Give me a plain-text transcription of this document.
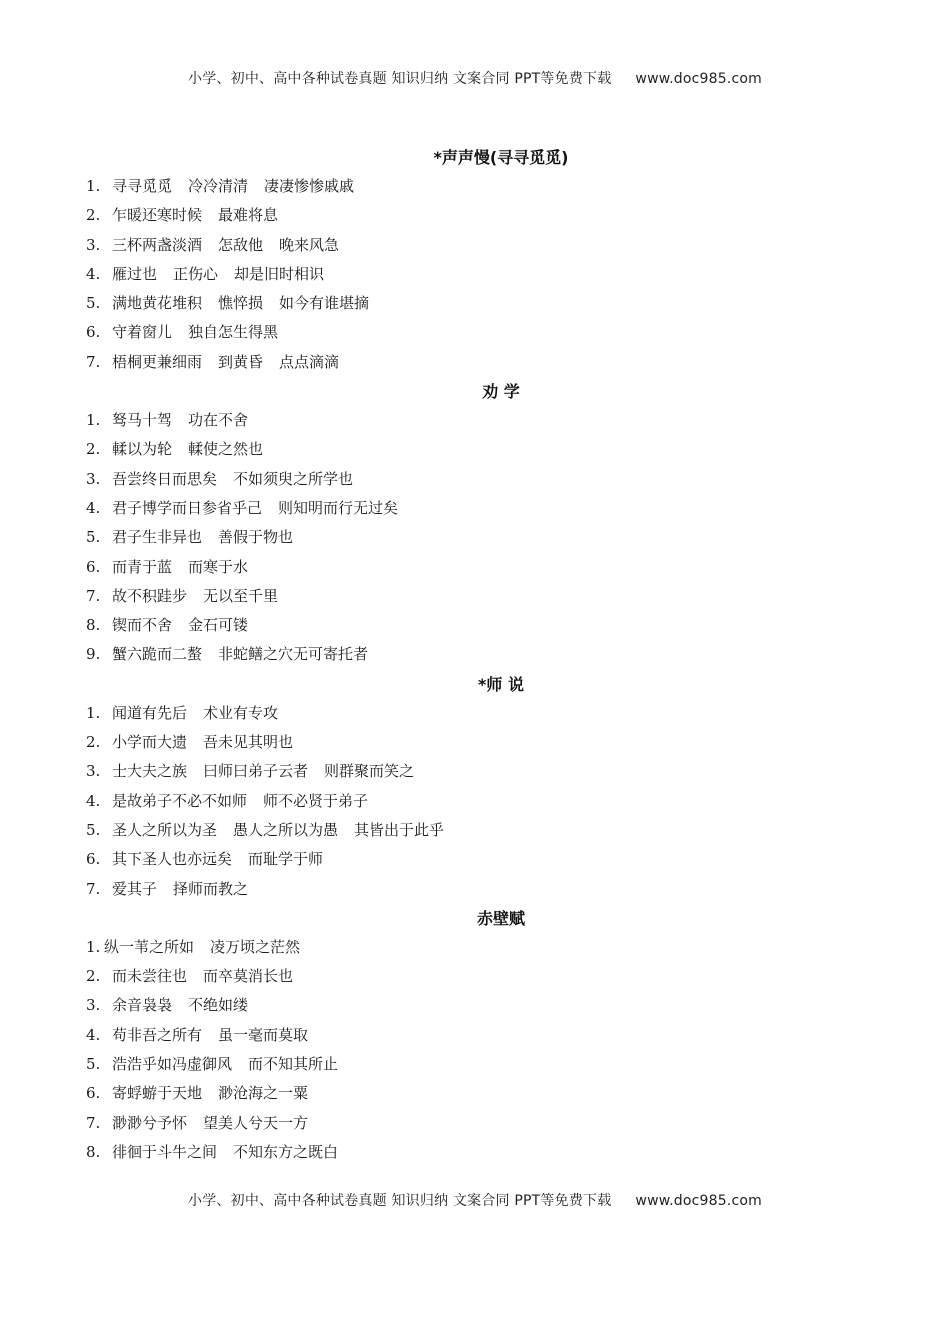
小学、初中、高中各种试卷真题 知识归纳 文案合同 PPT等免费下载 www.doc985.com
*声声慢(寻寻觅觅)
1. 寻寻觅觅 冷冷清清 凄凄惨惨戚戚
2. 乍暖还寒时候 最难将息
3. 三杯两盏淡酒 怎敌他 晚来风急
4. 雁过也 正伤心 却是旧时相识
5. 满地黄花堆积 憔悴损 如今有谁堪摘
6. 守着窗儿 独自怎生得黑
7. 梧桐更兼细雨 到黄昏 点点滴滴
劝 学
1. 驽马十驾 功在不舍
2. 輮以为轮 輮使之然也
3. 吾尝终日而思矣 不如须臾之所学也
4. 君子博学而日参省乎己 则知明而行无过矣
5. 君子生非异也 善假于物也
6. 而青于蓝 而寒于水
7. 故不积跬步 无以至千里
8. 锲而不舍 金石可镂
9. 蟹六跪而二螯 非蛇鳝之穴无可寄托者
*师 说
1. 闻道有先后 术业有专攻
2. 小学而大遗 吾未见其明也
3. 士大夫之族 曰师曰弟子云者 则群聚而笑之
4. 是故弟子不必不如师 师不必贤于弟子
5. 圣人之所以为圣 愚人之所以为愚 其皆出于此乎
6. 其下圣人也亦远矣 而耻学于师
7. 爱其子 择师而教之
赤壁赋
1. 纵一苇之所如 凌万顷之茫然
2. 而未尝往也 而卒莫消长也
3. 余音袅袅 不绝如缕
4. 苟非吾之所有 虽一毫而莫取
5. 浩浩乎如冯虚御风 而不知其所止
6. 寄蜉蝣于天地 渺沧海之一粟
7. 渺渺兮予怀 望美人兮天一方
8. 徘徊于斗牛之间 不知东方之既白
小学、初中、高中各种试卷真题 知识归纳 文案合同 PPT等免费下载 www.doc985.com
